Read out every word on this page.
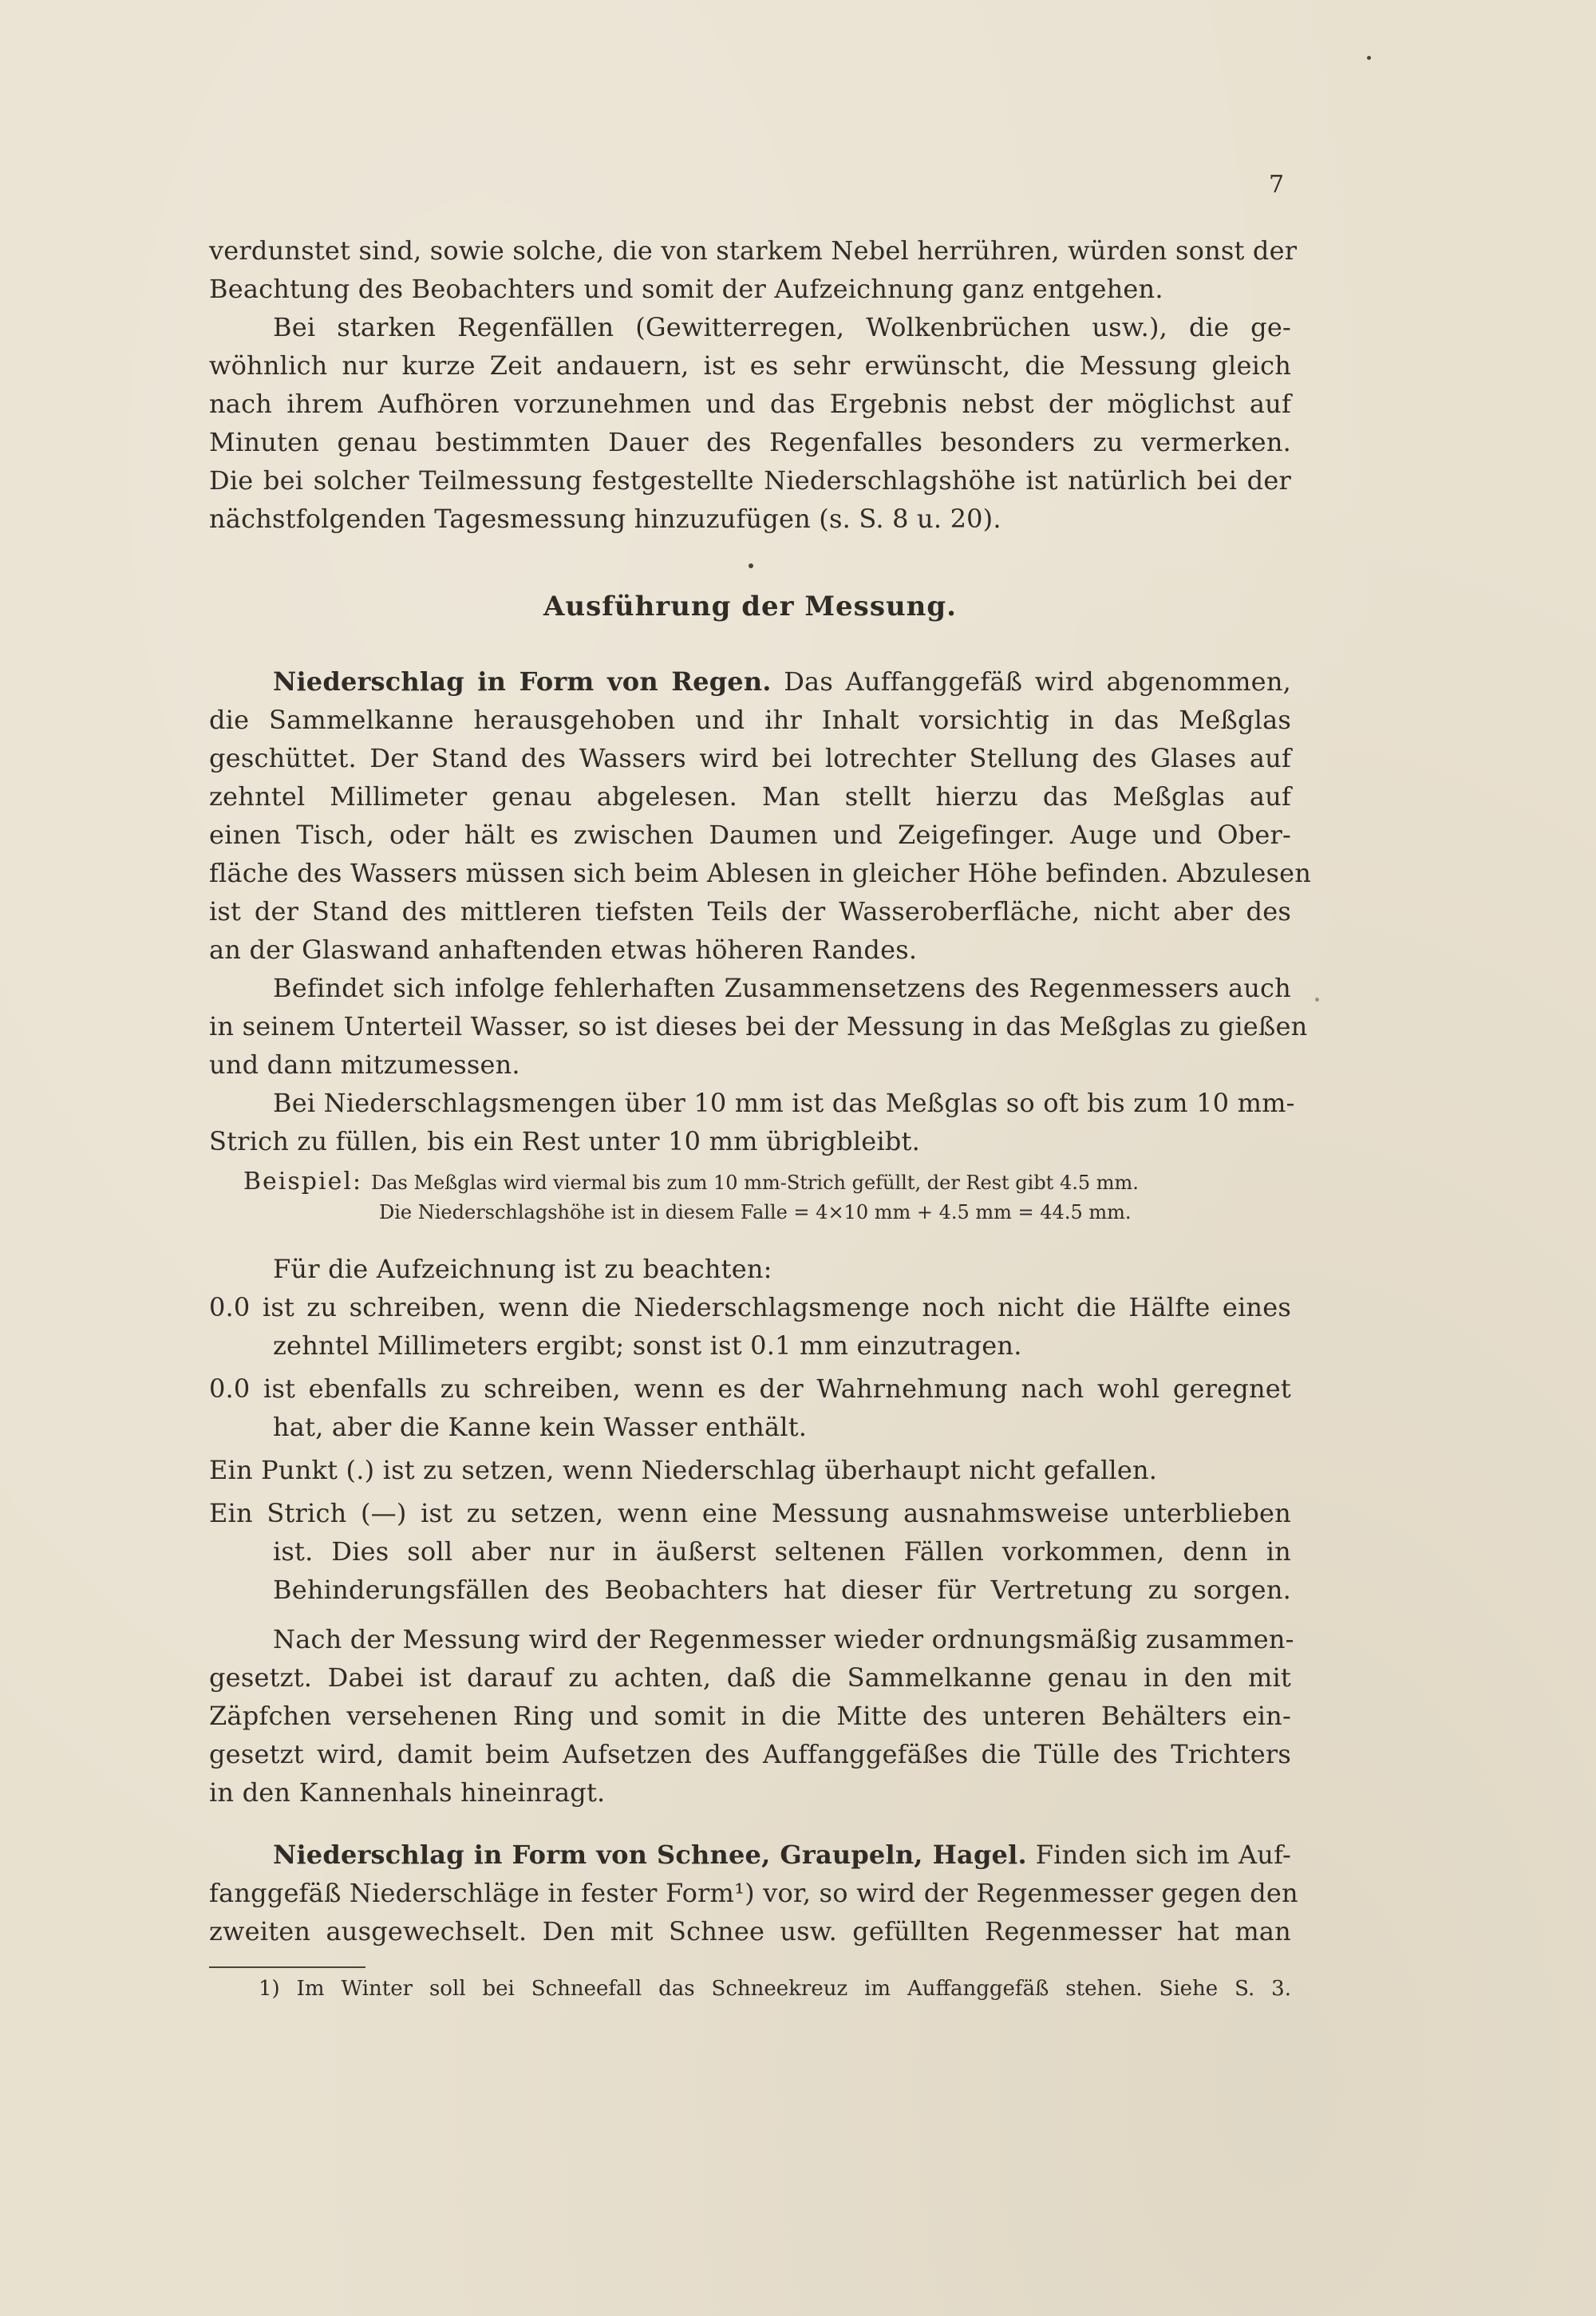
7
verdunstet sind, sowie solche, die von starkem Nebel herrühren, würden sonst der
Beachtung des Beobachters und somit der Aufzeichnung ganz entgehen.
Bei starken Regenfällen (Gewitterregen, Wolkenbrüchen usw.), die ge-
wöhnlich nur kurze Zeit andauern, ist es sehr erwünscht, die Messung gleich
nach ihrem Aufhören vorzunehmen und das Ergebnis nebst der möglichst auf
Minuten genau bestimmten Dauer des Regenfalles besonders zu vermerken.
Die bei solcher Teilmessung festgestellte Niederschlagshöhe ist natürlich bei der
nächstfolgenden Tagesmessung hinzuzufügen (s. S. 8 u. 20).
Ausführung der Messung.
Niederschlag in Form von Regen. Das Auffanggefäß wird abgenommen,
die Sammelkanne herausgehoben und ihr Inhalt vorsichtig in das Meßglas
geschüttet. Der Stand des Wassers wird bei lotrechter Stellung des Glases auf
zehntel Millimeter genau abgelesen. Man stellt hierzu das Meßglas auf
einen Tisch, oder hält es zwischen Daumen und Zeigefinger. Auge und Ober-
fläche des Wassers müssen sich beim Ablesen in gleicher Höhe befinden. Abzulesen
ist der Stand des mittleren tiefsten Teils der Wasseroberfläche, nicht aber des
an der Glaswand anhaftenden etwas höheren Randes.
Befindet sich infolge fehlerhaften Zusammensetzens des Regenmessers auch
in seinem Unterteil Wasser, so ist dieses bei der Messung in das Meßglas zu gießen
und dann mitzumessen.
Bei Niederschlagsmengen über 10 mm ist das Meßglas so oft bis zum 10 mm-
Strich zu füllen, bis ein Rest unter 10 mm übrigbleibt.
Beispiel: Das Meßglas wird viermal bis zum 10 mm-Strich gefüllt, der Rest gibt 4.5 mm.
Die Niederschlagshöhe ist in diesem Falle = 4×10 mm + 4.5 mm = 44.5 mm.
Für die Aufzeichnung ist zu beachten:
0.0 ist zu schreiben, wenn die Niederschlagsmenge noch nicht die Hälfte eines
zehntel Millimeters ergibt; sonst ist 0.1 mm einzutragen.
0.0 ist ebenfalls zu schreiben, wenn es der Wahrnehmung nach wohl geregnet
hat, aber die Kanne kein Wasser enthält.
Ein Punkt (.) ist zu setzen, wenn Niederschlag überhaupt nicht gefallen.
Ein Strich (—) ist zu setzen, wenn eine Messung ausnahmsweise unterblieben
ist. Dies soll aber nur in äußerst seltenen Fällen vorkommen, denn in
Behinderungsfällen des Beobachters hat dieser für Vertretung zu sorgen.
Nach der Messung wird der Regenmesser wieder ordnungsmäßig zusammen-
gesetzt. Dabei ist darauf zu achten, daß die Sammelkanne genau in den mit
Zäpfchen versehenen Ring und somit in die Mitte des unteren Behälters ein-
gesetzt wird, damit beim Aufsetzen des Auffanggefäßes die Tülle des Trichters
in den Kannenhals hineinragt.
Niederschlag in Form von Schnee, Graupeln, Hagel. Finden sich im Auf-
fanggefäß Niederschläge in fester Form¹) vor, so wird der Regenmesser gegen den
zweiten ausgewechselt. Den mit Schnee usw. gefüllten Regenmesser hat man
1) Im Winter soll bei Schneefall das Schneekreuz im Auffanggefäß stehen. Siehe S. 3.
